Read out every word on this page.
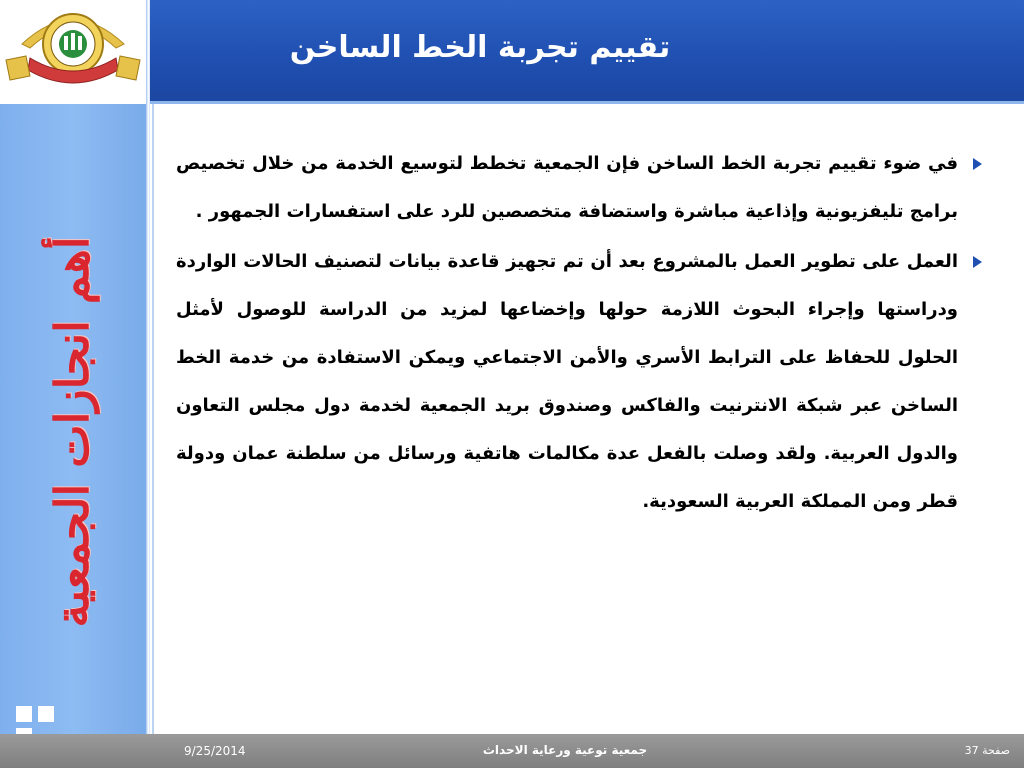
تقييم تجربة الخط الساخن
أهم انجازات الجمعية
في ضوء تقييم تجربة الخط الساخن فإن الجمعية تخطط لتوسيع الخدمة من خلال تخصيص برامج تليفزيونية وإذاعية مباشرة واستضافة متخصصين للرد على استفسارات الجمهور .
العمل على تطوير العمل بالمشروع بعد أن تم تجهيز قاعدة بيانات لتصنيف الحالات الواردة ودراستها وإجراء البحوث اللازمة حولها وإخضاعها لمزيد من الدراسة للوصول لأمثل الحلول للحفاظ على الترابط الأسري والأمن الاجتماعي ويمكن الاستفادة من خدمة الخط الساخن عبر شبكة الانترنيت والفاكس وصندوق بريد الجمعية لخدمة دول مجلس التعاون والدول العربية. ولقد وصلت بالفعل عدة مكالمات هاتفية ورسائل من سلطنة عمان ودولة قطر ومن المملكة العربية السعودية.
9/25/2014	جمعية توعية ورعاية الاحداث	صفحة 37
